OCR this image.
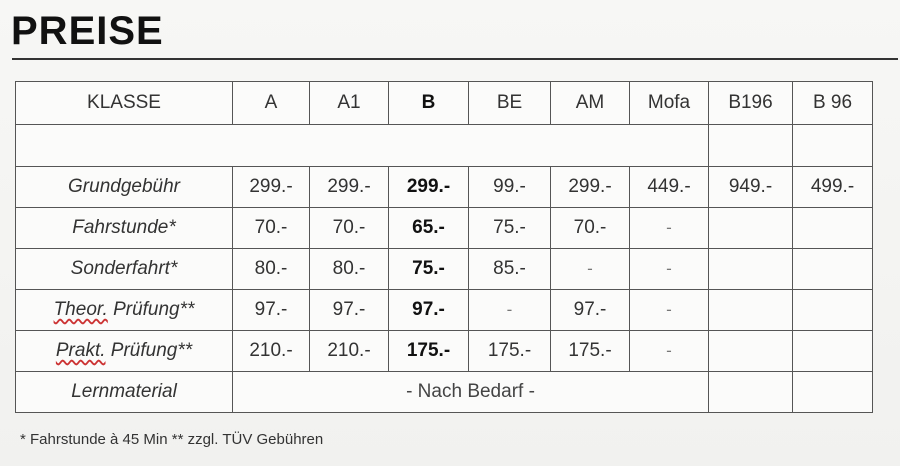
PREISE
KLASSE	A	A1	B	BE	AM	Mofa	B196	B 96

Grundgebühr	299.-	299.-	299.-	99.-	299.-	449.-	949.-	499.-
Fahrstunde*	70.-	70.-	65.-	75.-	70.-	-		
Sonderfahrt*	80.-	80.-	75.-	85.-	-	-		
Theor. Prüfung**	97.-	97.-	97.-	-	97.-	-		
Prakt. Prüfung**	210.-	210.-	175.-	175.-	175.-	-		
Lernmaterial	- Nach Bedarf -							

* Fahrstunde à 45 Min ** zzgl. TÜV Gebühren
